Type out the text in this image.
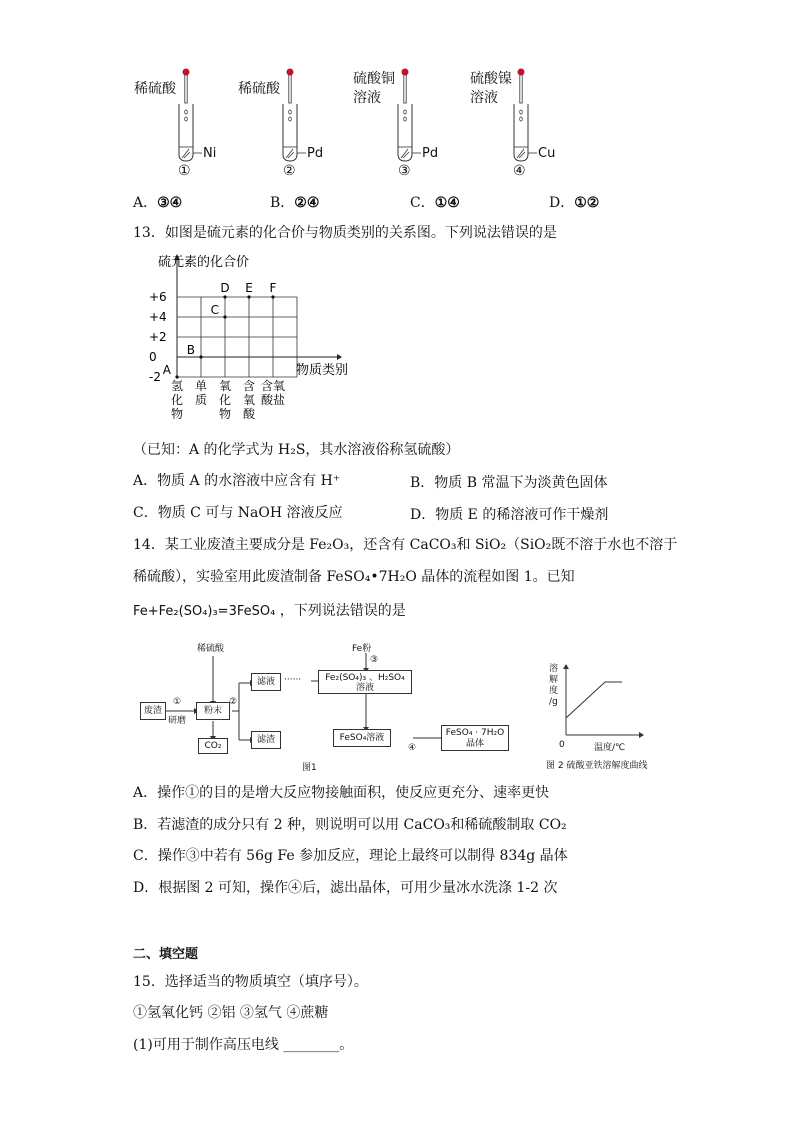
稀硫酸	稀硫酸
硫酸铜
溶液
硫酸镍
溶液
Ni	Pd	Pd	Cu
①	②	③	④
A．③④	B．②④	C．①④	D．①②
13．如图是硫元素的化合价与物质类别的关系图。下列说法错误的是
+6
+4
+2
0
-2 A
B
C
D E F
氢
化
物
单
质
氧
化
物
含
氧
酸
含氧
酸盐
硫元素的化合价
物质类别
（已知：A 的化学式为 H₂S，其水溶液俗称氢硫酸）
A．物质 A 的水溶液中应含有 H⁺	B．物质 B 常温下为淡黄色固体
C．物质 C 可与 NaOH 溶液反应	D．物质 E 的稀溶液可作干燥剂
14．某工业废渣主要成分是 Fe₂O₃，还含有 CaCO₃和 SiO₂（SiO₂既不溶于水也不溶于
稀硫酸），实验室用此废渣制备 FeSO₄•7H₂O 晶体的流程如图 1。已知
Fe+Fe₂(SO₄)₃=3FeSO₄ ，下列说法错误的是
废渣
①
研磨
稀硫酸
粉末
②
CO₂
滤液	······
滤渣
Fe粉
③
Fe₂(SO₄)₃ 、H₂SO₄
溶液
FeSO₄溶液
④
FeSO₄ · 7H₂O
晶体
图1
溶
解
度
/g
0	温度/℃
图 2 硫酸亚铁溶解度曲线
A．操作①的目的是增大反应物接触面积，使反应更充分、速率更快
B．若滤渣的成分只有 2 种，则说明可以用 CaCO₃和稀硫酸制取 CO₂
C．操作③中若有 56g Fe 参加反应，理论上最终可以制得 834g 晶体
D．根据图 2 可知，操作④后，滤出晶体，可用少量冰水洗涤 1-2 次
二、填空题
15．选择适当的物质填空（填序号）。
①氢氧化钙 ②铝 ③氢气 ④蔗糖
(1)可用于制作高压电线 ________。
